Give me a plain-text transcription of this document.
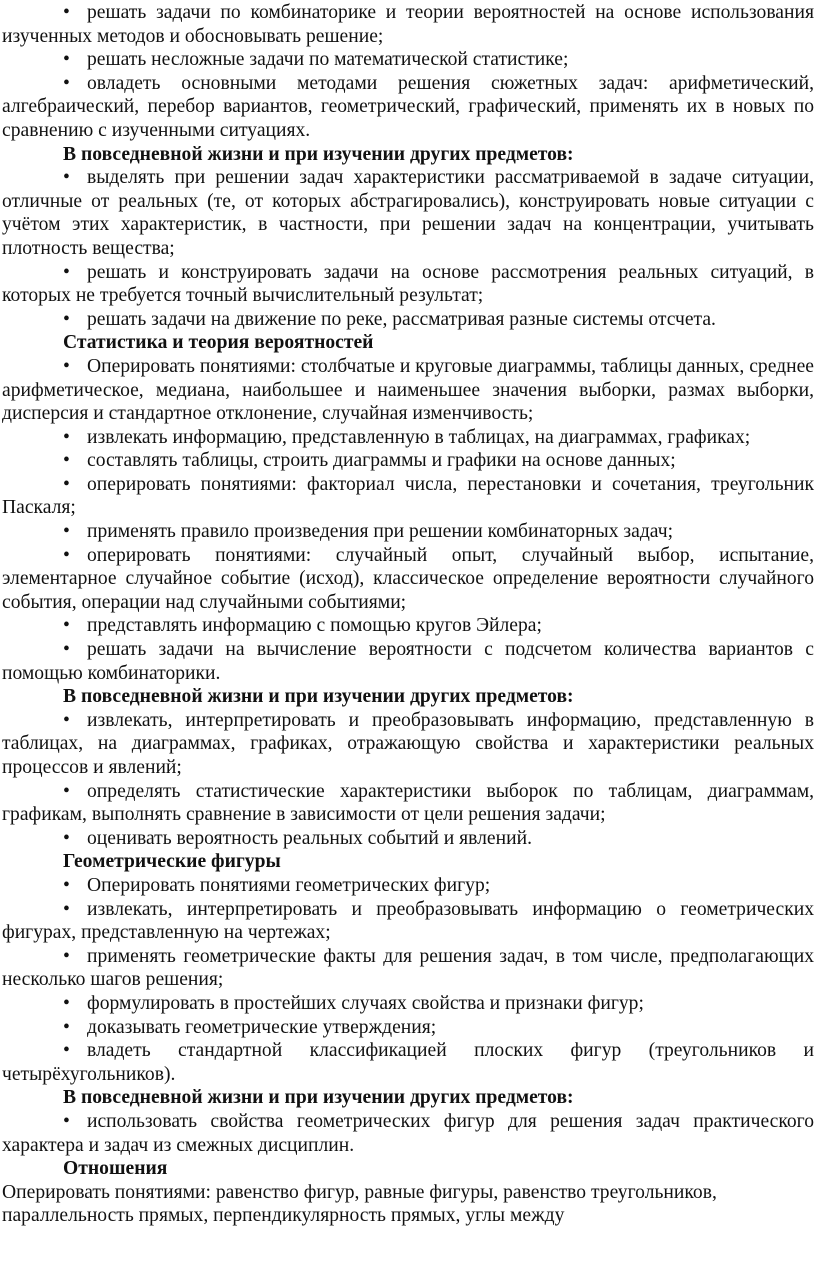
• решать задачи по комбинаторике и теории вероятностей на основе использования изученных методов и обосновывать решение;

• решать несложные задачи по математической статистике;

• овладеть основными методами решения сюжетных задач: арифметический, алгебраический, перебор вариантов, геометрический, графический, применять их в новых по сравнению с изученными ситуациях.

В повседневной жизни и при изучении других предметов:

• выделять при решении задач характеристики рассматриваемой в задаче ситуации, отличные от реальных (те, от которых абстрагировались), конструировать новые ситуации с учётом этих характеристик, в частности, при решении задач на концентрации, учитывать плотность вещества;

• решать и конструировать задачи на основе рассмотрения реальных ситуаций, в которых не требуется точный вычислительный результат;

• решать задачи на движение по реке, рассматривая разные системы отсчета.

Статистика и теория вероятностей

• Оперировать понятиями: столбчатые и круговые диаграммы, таблицы данных, среднее арифметическое, медиана, наибольшее и наименьшее значения выборки, размах выборки, дисперсия и стандартное отклонение, случайная изменчивость;

• извлекать информацию, представленную в таблицах, на диаграммах, графиках;

• составлять таблицы, строить диаграммы и графики на основе данных;

• оперировать понятиями: факториал числа, перестановки и сочетания, треугольник Паскаля;

• применять правило произведения при решении комбинаторных задач;

• оперировать понятиями: случайный опыт, случайный выбор, испытание, элементарное случайное событие (исход), классическое определение вероятности случайного события, операции над случайными событиями;

• представлять информацию с помощью кругов Эйлера;

• решать задачи на вычисление вероятности с подсчетом количества вариантов с помощью комбинаторики.

В повседневной жизни и при изучении других предметов:

• извлекать, интерпретировать и преобразовывать информацию, представленную в таблицах, на диаграммах, графиках, отражающую свойства и характеристики реальных процессов и явлений;

• определять статистические характеристики выборок по таблицам, диаграммам, графикам, выполнять сравнение в зависимости от цели решения задачи;

• оценивать вероятность реальных событий и явлений.

Геометрические фигуры

• Оперировать понятиями геометрических фигур;

• извлекать, интерпретировать и преобразовывать информацию о геометрических фигурах, представленную на чертежах;

• применять геометрические факты для решения задач, в том числе, предполагающих несколько шагов решения;

• формулировать в простейших случаях свойства и признаки фигур;

• доказывать геометрические утверждения;

• владеть стандартной классификацией плоских фигур (треугольников и четырёхугольников).

В повседневной жизни и при изучении других предметов:

• использовать свойства геометрических фигур для решения задач практического характера и задач из смежных дисциплин.

Отношения

Оперировать понятиями: равенство фигур, равные фигуры, равенство треугольников, параллельность прямых, перпендикулярность прямых, углы между
